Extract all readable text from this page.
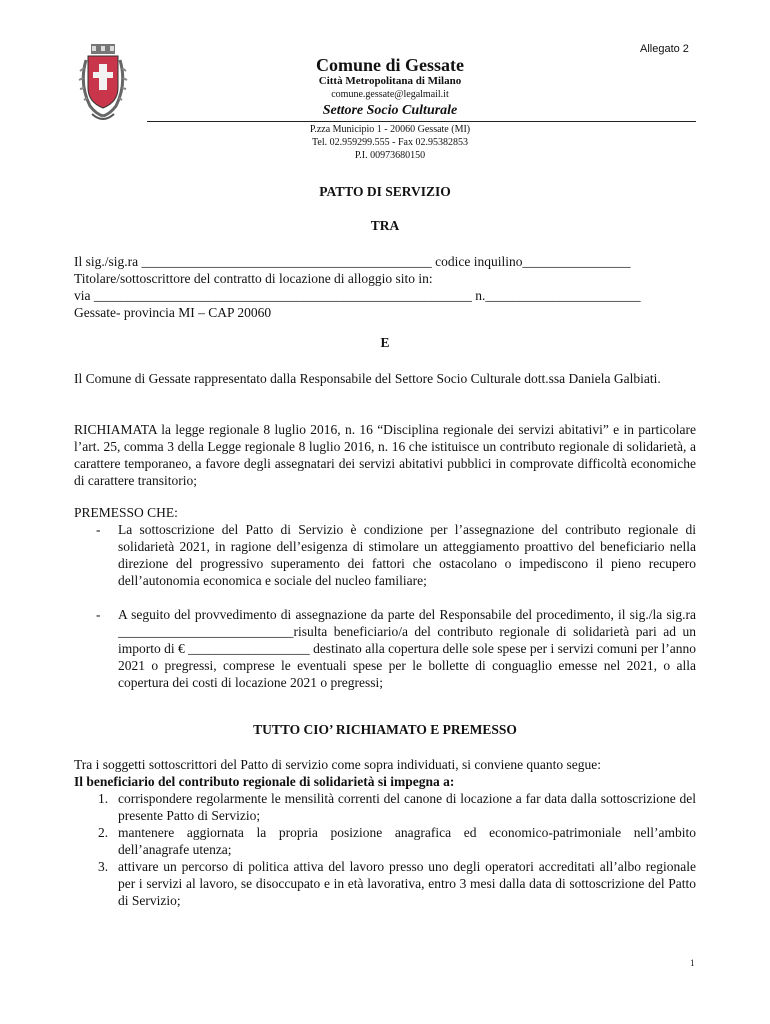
Allegato 2
Comune di Gessate
Città Metropolitana di Milano
comune.gessate@legalmail.it
Settore Socio Culturale
P.zza Municipio 1 - 20060 Gessate (MI)
Tel. 02.959299.555 - Fax 02.95382853
P.I. 00973680150
PATTO DI SERVIZIO
TRA
Il sig./sig.ra ___________________________________________ codice inquilino________________
Titolare/sottoscrittore del contratto di locazione di alloggio sito in:
via ________________________________________________________ n._______________________
Gessate- provincia MI – CAP 20060
E
Il Comune di Gessate rappresentato dalla Responsabile del Settore Socio Culturale dott.ssa Daniela Galbiati.
RICHIAMATA la legge regionale 8 luglio 2016, n. 16 “Disciplina regionale dei servizi abitativi” e in particolare l’art. 25, comma 3 della Legge regionale 8 luglio 2016, n. 16 che istituisce un contributo regionale di solidarietà, a carattere temporaneo, a favore degli assegnatari dei servizi abitativi pubblici in comprovate difficoltà economiche di carattere transitorio;
PREMESSO CHE:
- La sottoscrizione del Patto di Servizio è condizione per l’assegnazione del contributo regionale di solidarietà 2021, in ragione dell’esigenza di stimolare un atteggiamento proattivo del beneficiario nella direzione del progressivo superamento dei fattori che ostacolano o impediscono il pieno recupero dell’autonomia economica e sociale del nucleo familiare;
- A seguito del provvedimento di assegnazione da parte del Responsabile del procedimento, il sig./la sig.ra __________________________risulta beneficiario/a del contributo regionale di solidarietà pari ad un importo di € __________________ destinato alla copertura delle sole spese per i servizi comuni per l’anno 2021 o pregressi, comprese le eventuali spese per le bollette di conguaglio emesse nel 2021, o alla copertura dei costi di locazione 2021 o pregressi;
TUTTO CIO’ RICHIAMATO E PREMESSO
Tra i soggetti sottoscrittori del Patto di servizio come sopra individuati, si conviene quanto segue:
Il beneficiario del contributo regionale di solidarietà si impegna a:
1. corrispondere regolarmente le mensilità correnti del canone di locazione a far data dalla sottoscrizione del presente Patto di Servizio;
2. mantenere aggiornata la propria posizione anagrafica ed economico-patrimoniale nell’ambito dell’anagrafe utenza;
3. attivare un percorso di politica attiva del lavoro presso uno degli operatori accreditati all’albo regionale per i servizi al lavoro, se disoccupato e in età lavorativa, entro 3 mesi dalla data di sottoscrizione del Patto di Servizio;
1
